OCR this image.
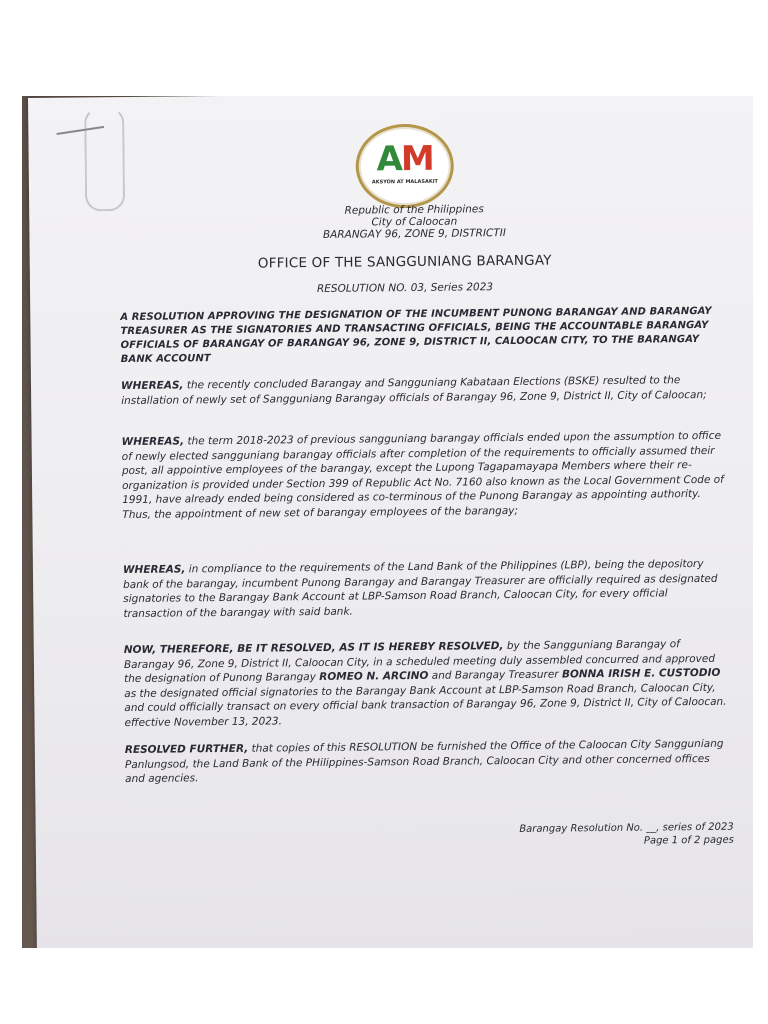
AM
AKSYON AT MALASAKIT
Republic of the Philippines
City of Caloocan
BARANGAY 96, ZONE 9, DISTRICTII
OFFICE OF THE SANGGUNIANG BARANGAY
RESOLUTION NO. 03, Series 2023
A RESOLUTION APPROVING THE DESIGNATION OF THE INCUMBENT PUNONG BARANGAY AND BARANGAY TREASURER AS THE SIGNATORIES AND TRANSACTING OFFICIALS, BEING THE ACCOUNTABLE BARANGAY OFFICIALS OF BARANGAY OF BARANGAY 96, ZONE 9, DISTRICT II, CALOOCAN CITY, TO THE BARANGAY BANK ACCOUNT
WHEREAS, the recently concluded Barangay and Sangguniang Kabataan Elections (BSKE) resulted to the installation of newly set of Sangguniang Barangay officials of Barangay 96, Zone 9, District II, City of Caloocan;
WHEREAS, the term 2018-2023 of previous sangguniang barangay officials ended upon the assumption to office of newly elected sangguniang barangay officials after completion of the requirements to officially assumed their post, all appointive employees of the barangay, except the Lupong Tagapamayapa Members where their re-organization is provided under Section 399 of Republic Act No. 7160 also known as the Local Government Code of 1991, have already ended being considered as co-terminous of the Punong Barangay as appointing authority. Thus, the appointment of new set of barangay employees of the barangay;
WHEREAS, in compliance to the requirements of the Land Bank of the Philippines (LBP), being the depository bank of the barangay, incumbent Punong Barangay and Barangay Treasurer are officially required as designated signatories to the Barangay Bank Account at LBP-Samson Road Branch, Caloocan City, for every official transaction of the barangay with said bank.
NOW, THEREFORE, BE IT RESOLVED, AS IT IS HEREBY RESOLVED, by the Sangguniang Barangay of Barangay 96, Zone 9, District II, Caloocan City, in a scheduled meeting duly assembled concurred and approved the designation of Punong Barangay ROMEO N. ARCINO and Barangay Treasurer BONNA IRISH E. CUSTODIO as the designated official signatories to the Barangay Bank Account at LBP-Samson Road Branch, Caloocan City, and could officially transact on every official bank transaction of Barangay 96, Zone 9, District II, City of Caloocan. effective November 13, 2023.
RESOLVED FURTHER, that copies of this RESOLUTION be furnished the Office of the Caloocan City Sangguniang Panlungsod, the Land Bank of the PHilippines-Samson Road Branch, Caloocan City and other concerned offices and agencies.
Barangay Resolution No. __, series of 2023
Page 1 of 2 pages
